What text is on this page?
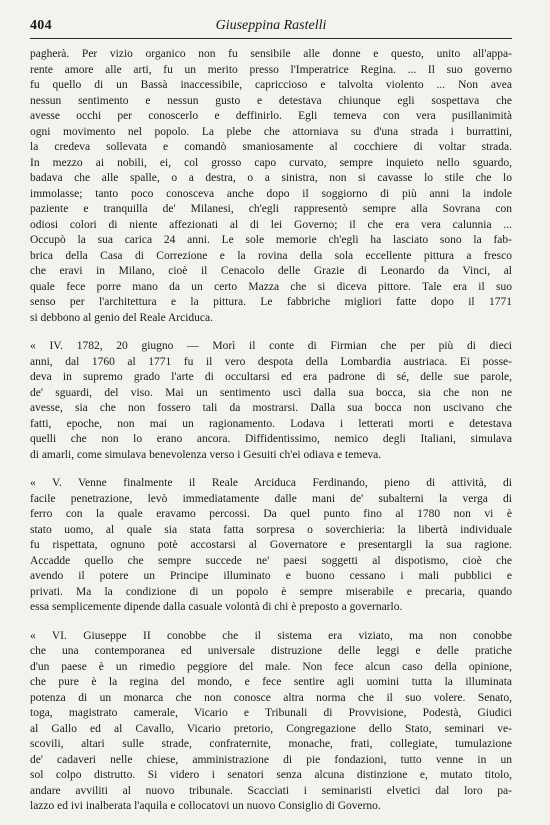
404	Giuseppina Rastelli
pagherà. Per vizio organico non fu sensibile alle donne e questo, unito all'appa-
rente amore alle arti, fu un merito presso l'Imperatrice Regina. ... Il suo governo
fu quello di un Bassà inaccessibile, capriccioso e talvolta violento ... Non avea
nessun sentimento e nessun gusto e detestava chiunque egli sospettava che
avesse occhi per conoscerlo e deffinirlo. Egli temeva con vera pusillanimità
ogni movimento nel popolo. La plebe che attorniava su d'una strada i burrattini,
la credeva sollevata e comandò smaniosamente al cocchiere di voltar strada.
In mezzo ai nobili, ei, col grosso capo curvato, sempre inquieto nello sguardo,
badava che alle spalle, o a destra, o a sinistra, non si cavasse lo stile che lo
immolasse; tanto poco conosceva anche dopo il soggiorno di più anni la indole
paziente e tranquilla de' Milanesi, ch'egli rappresentò sempre alla Sovrana con
odiosi colori di niente affezionati al di lei Governo; il che era vera calunnia ...
Occupò la sua carica 24 anni. Le sole memorie ch'egli ha lasciato sono la fab-
brica della Casa di Correzione e la rovina della sola eccellente pittura a fresco
che eravi in Milano, cioè il Cenacolo delle Grazie di Leonardo da Vinci, al
quale fece porre mano da un certo Mazza che si diceva pittore. Tale era il suo
senso per l'architettura e la pittura. Le fabbriche migliori fatte dopo il 1771
si debbono al genio del Reale Arciduca.
« IV. 1782, 20 giugno — Morì il conte di Firmian che per più di dieci
anni, dal 1760 al 1771 fu il vero despota della Lombardia austriaca. Ei posse-
deva in supremo grado l'arte di occultarsi ed era padrone di sé, delle sue parole,
de' sguardi, del viso. Mai un sentimento uscì dalla sua bocca, sia che non ne
avesse, sia che non fossero tali da mostrarsi. Dalla sua bocca non uscivano che
fatti, epoche, non mai un ragionamento. Lodava i letterati morti e detestava
quelli che non lo erano ancora. Diffidentissimo, nemico degli Italiani, simulava
di amarli, come simulava benevolenza verso i Gesuiti ch'ei odiava e temeva.
« V. Venne finalmente il Reale Arciduca Ferdinando, pieno di attività, di
facile penetrazione, levò immediatamente dalle mani de' subalterni la verga di
ferro con la quale eravamo percossi. Da quel punto fino al 1780 non vi è
stato uomo, al quale sia stata fatta sorpresa o soverchieria: la libertà individuale
fu rispettata, ognuno potè accostarsi al Governatore e presentargli la sua ragione.
Accadde quello che sempre succede ne' paesi soggetti al dispotismo, cioè che
avendo il potere un Principe illuminato e buono cessano i mali pubblici e
privati. Ma la condizione di un popolo è sempre miserabile e precaria, quando
essa semplicemente dipende dalla casuale volontà di chi è preposto a governarlo.
« VI. Giuseppe II conobbe che il sistema era viziato, ma non conobbe
che una contemporanea ed universale distruzione delle leggi e delle pratiche
d'un paese è un rimedio peggiore del male. Non fece alcun caso della opinione,
che pure è la regina del mondo, e fece sentire agli uomini tutta la illuminata
potenza di un monarca che non conosce altra norma che il suo volere. Senato,
toga, magistrato camerale, Vicario e Tribunali di Provvisione, Podestà, Giudici
al Gallo ed al Cavallo, Vicario pretorio, Congregazione dello Stato, seminari ve-
scovili, altari sulle strade, confraternite, monache, frati, collegiate, tumulazione
de' cadaveri nelle chiese, amministrazione di pie fondazioni, tutto venne in un
sol colpo distrutto. Si videro i senatori senza alcuna distinzione e, mutato titolo,
andare avviliti al nuovo tribunale. Scacciati i seminaristi elvetici dal loro pa-
lazzo ed ivi inalberata l'aquila e collocatovi un nuovo Consiglio di Governo.
